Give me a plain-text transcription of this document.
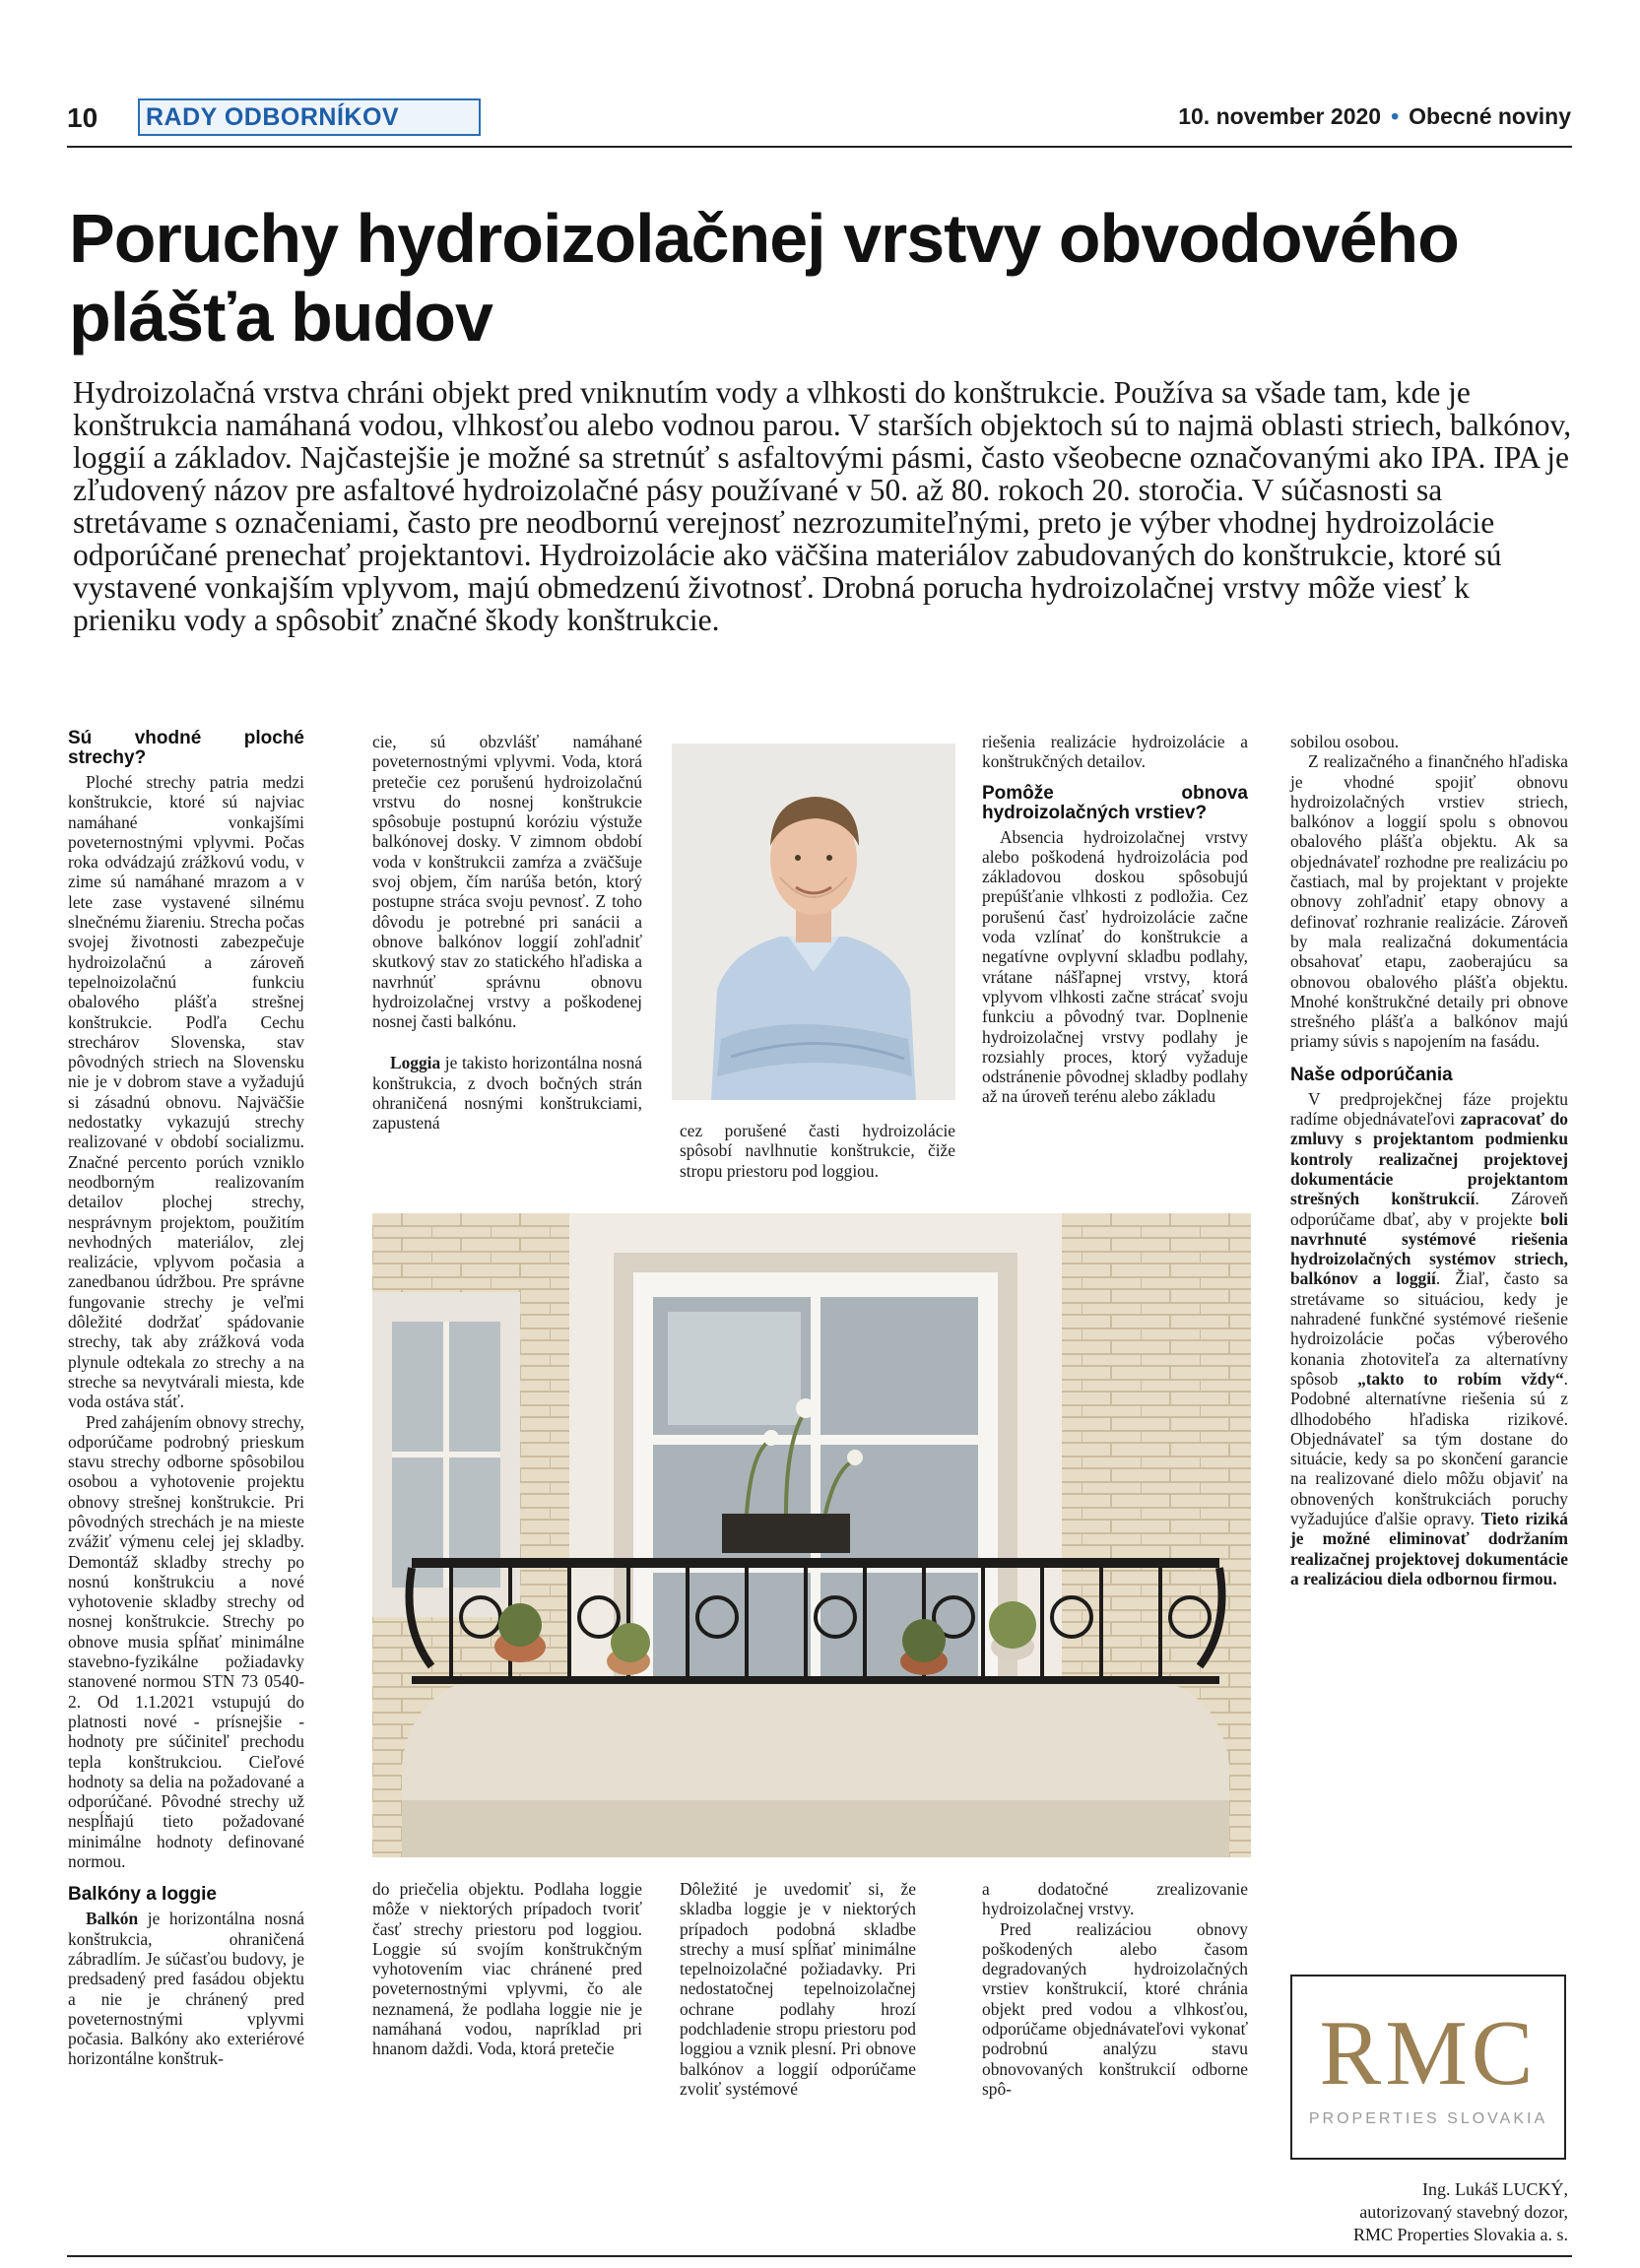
10	RADY ODBORNÍKOV	10. november 2020 • Obecné noviny
Poruchy hydroizolačnej vrstvy obvodového
plášťa budov
Hydroizolačná vrstva chráni objekt pred vniknutím vody a vlhkosti do konštrukcie. Používa sa všade tam, kde je konštrukcia namáhaná vodou, vlhkosťou alebo vodnou parou. V starších objektoch sú to najmä oblasti striech, balkónov, loggií a základov. Najčastejšie je možné sa stretnúť s asfaltovými pásmi, často všeobecne označovanými ako IPA. IPA je zľudovený názov pre asfaltové hydroizolačné pásy používané v 50. až 80. rokoch 20. storočia. V súčasnosti sa stretávame s označeniami, často pre neodbornú verejnosť nezrozumiteľnými, preto je výber vhodnej hydroizolácie odporúčané prenechať projektantovi. Hydroizolácie ako väčšina materiálov zabudovaných do konštrukcie, ktoré sú vystavené vonkajším vplyvom, majú obmedzenú životnosť. Drobná porucha hydroizolačnej vrstvy môže viesť k prieniku vody a spôsobiť značné škody konštrukcie.
Sú vhodné ploché strechy?

Ploché strechy patria medzi konštrukcie, ktoré sú najviac namáhané vonkajšími poveternostnými vplyvmi. Počas roka odvádzajú zrážkovú vodu, v zime sú namáhané mrazom a v lete zase vystavené silnému slnečnému žiareniu. Strecha počas svojej životnosti zabezpečuje hydroizolačnú a zároveň tepelnoizolačnú funkciu obalového plášťa strešnej konštrukcie. Podľa Cechu strechárov Slovenska, stav pôvodných striech na Slovensku nie je v dobrom stave a vyžadujú si zásadnú obnovu. Najväčšie nedostatky vykazujú strechy realizované v období socializmu. Značné percento porúch vzniklo neodborným realizovaním detailov plochej strechy, nesprávnym projektom, použitím nevhodných materiálov, zlej realizácie, vplyvom počasia a zanedbanou údržbou. Pre správne fungovanie strechy je veľmi dôležité dodržať spádovanie strechy, tak aby zrážková voda plynule odtekala zo strechy a na streche sa nevytvárali miesta, kde voda ostáva stáť.

Pred zahájením obnovy strechy, odporúčame podrobný prieskum stavu strechy odborne spôsobilou osobou a vyhotovenie projektu obnovy strešnej konštrukcie. Pri pôvodných strechách je na mieste zvážiť výmenu celej jej skladby. Demontáž skladby strechy po nosnú konštrukciu a nové vyhotovenie skladby strechy od nosnej konštrukcie. Strechy po obnove musia spĺňať minimálne stavebno-fyzikálne požiadavky stanovené normou STN 73 0540-2. Od 1.1.2021 vstupujú do platnosti nové - prísnejšie - hodnoty pre súčiniteľ prechodu tepla konštrukciou. Cieľové hodnoty sa delia na požadované a odporúčané. Pôvodné strechy už nespĺňajú tieto požadované minimálne hodnoty definované normou.

Balkóny a loggie

Balkón je horizontálna nosná konštrukcia, ohraničená zábradlím. Je súčasťou budovy, je predsadený pred fasádou objektu a nie je chránený pred poveternostnými vplyvmi počasia. Balkóny ako exteriérové horizontálne konštruk-

cie, sú obzvlášť namáhané poveternostnými vplyvmi. Voda, ktorá pretečie cez porušenú hydroizolačnú vrstvu do nosnej konštrukcie spôsobuje postupnú koróziu výstuže balkónovej dosky. V zimnom období voda v konštrukcii zamŕza a zväčšuje svoj objem, čím narúša betón, ktorý postupne stráca svoju pevnosť. Z toho dôvodu je potrebné pri sanácii a obnove balkónov loggií zohľadniť skutkový stav zo statického hľadiska a navrhnúť správnu obnovu hydroizolačnej vrstvy a poškodenej nosnej časti balkónu.

Loggia je takisto horizontálna nosná konštrukcia, z dvoch bočných strán ohraničená nosnými konštrukciami, zapustená

do priečelia objektu. Podlaha loggie môže v niektorých prípadoch tvoriť časť strechy priestoru pod loggiou. Loggie sú svojím konštrukčným vyhotovením viac chránené pred poveternostnými vplyvmi, čo ale neznamená, že podlaha loggie nie je namáhaná vodou, napríklad pri hnanom daždi. Voda, ktorá pretečie

cez porušené časti hydroizolácie spôsobí navlhnutie konštrukcie, čiže stropu priestoru pod loggiou.

Dôležité je uvedomiť si, že skladba loggie je v niektorých prípadoch podobná skladbe strechy a musí spĺňať minimálne tepelnoizolačné požiadavky. Pri nedostatočnej tepelnoizolačnej ochrane podlahy hrozí podchladenie stropu priestoru pod loggiou a vznik plesní. Pri obnove balkónov a loggií odporúčame zvoliť systémové

riešenia realizácie hydroizolácie a konštrukčných detailov.

Pomôže obnova hydroizolačných vrstiev?

Absencia hydroizolačnej vrstvy alebo poškodená hydroizolácia pod základovou doskou spôsobujú prepúšťanie vlhkosti z podložia. Cez porušenú časť hydroizolácie začne voda vzlínať do konštrukcie a negatívne ovplyvní skladbu podlahy, vrátane nášľapnej vrstvy, ktorá vplyvom vlhkosti začne strácať svoju funkciu a pôvodný tvar. Doplnenie hydroizolačnej vrstvy podlahy je rozsiahly proces, ktorý vyžaduje odstránenie pôvodnej skladby podlahy až na úroveň terénu alebo základu

a dodatočné zrealizovanie hydroizolačnej vrstvy.

Pred realizáciou obnovy poškodených alebo časom degradovaných hydroizolačných vrstiev konštrukcií, ktoré chránia objekt pred vodou a vlhkosťou, odporúčame objednávateľovi vykonať podrobnú analýzu stavu obnovovaných konštrukcií odborne spô-

sobilou osobou.

Z realizačného a finančného hľadiska je vhodné spojiť obnovu hydroizolačných vrstiev striech, balkónov a loggií spolu s obnovou obalového plášťa objektu. Ak sa objednávateľ rozhodne pre realizáciu po častiach, mal by projektant v projekte obnovy zohľadniť etapy obnovy a definovať rozhranie realizácie. Zároveň by mala realizačná dokumentácia obsahovať etapu, zaoberajúcu sa obnovou obalového plášťa objektu. Mnohé konštrukčné detaily pri obnove strešného plášťa a balkónov majú priamy súvis s napojením na fasádu.

Naše odporúčania

V predprojekčnej fáze projektu radíme objednávateľovi zapracovať do zmluvy s projektantom podmienku kontroly realizačnej projektovej dokumentácie projektantom strešných konštrukcií. Zároveň odporúčame dbať, aby v projekte boli navrhnuté systémové riešenia hydroizolačných systémov striech, balkónov a loggií. Žiaľ, často sa stretávame so situáciou, kedy je nahradené funkčné systémové riešenie hydroizolácie počas výberového konania zhotoviteľa za alternatívny spôsob „takto to robím vždy“. Podobné alternatívne riešenia sú z dlhodobého hľadiska rizikové. Objednávateľ sa tým dostane do situácie, kedy sa po skončení garancie na realizované dielo môžu objaviť na obnovených konštrukciách poruchy vyžadujúce ďalšie opravy. Tieto riziká je možné eliminovať dodržaním realizačnej projektovej dokumentácie a realizáciou diela odbornou firmou.

RMC
PROPERTIES SLOVAKIA
Ing. Lukáš LUCKÝ,
autorizovaný stavebný dozor,
RMC Properties Slovakia a. s.
